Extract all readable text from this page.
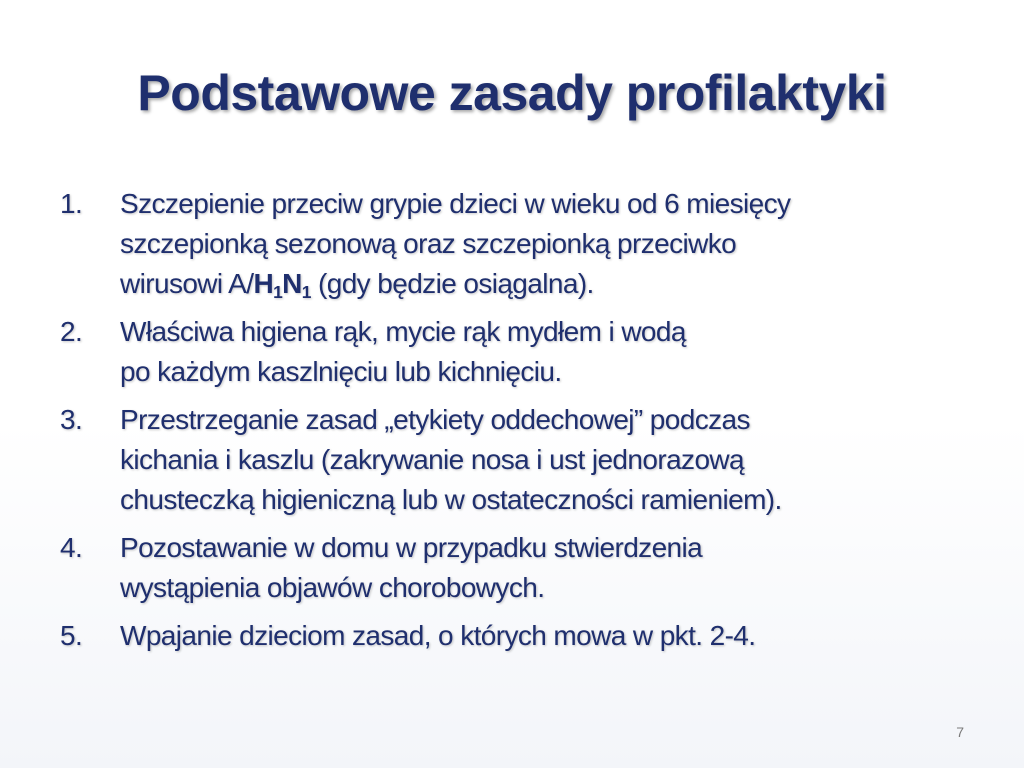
Podstawowe zasady profilaktyki
1. Szczepienie przeciw grypie dzieci w wieku od 6 miesięcy
szczepionką sezonową oraz szczepionką przeciwko
wirusowi $A/H_1N_1$ (gdy będzie osiągalna).
2. Właściwa higiena rąk, mycie rąk mydłem i wodą
po każdym kaszlnięciu lub kichnięciu.
3. Przestrzeganie zasad „etykiety oddechowej” podczas
kichania i kaszlu (zakrywanie nosa i ust jednorazową
chusteczką higieniczną lub w ostateczności ramieniem).
4. Pozostawanie w domu w przypadku stwierdzenia
wystąpienia objawów chorobowych.
5. Wpajanie dzieciom zasad, o których mowa w pkt. 2-4.
7
